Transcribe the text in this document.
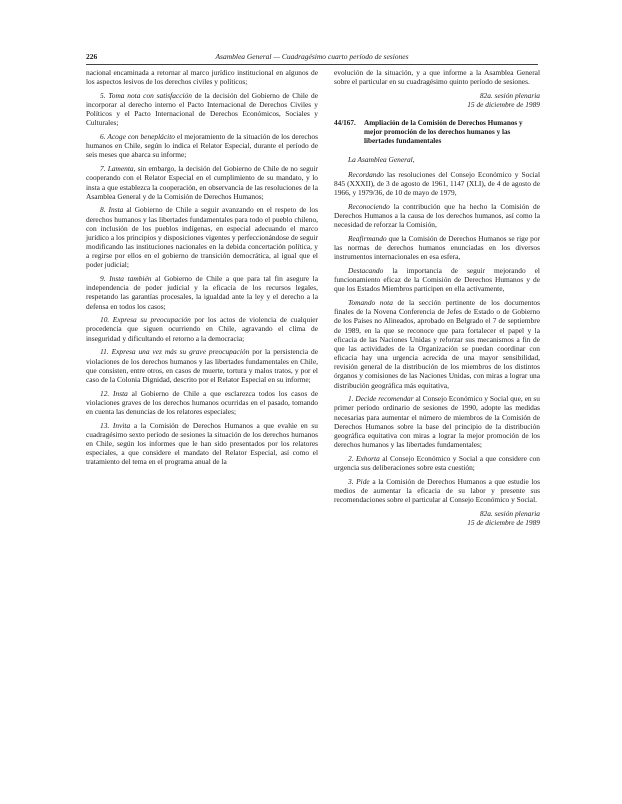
226	Asamblea General — Cuadragésimo cuarto período de sesiones

nacional encaminada a retornar al marco jurídico institucional en algunos de los aspectos lesivos de los derechos civiles y políticos;

5. Toma nota con satisfacción de la decisión del Gobierno de Chile de incorporar al derecho interno el Pacto Internacional de Derechos Civiles y Políticos y el Pacto Internacional de Derechos Económicos, Sociales y Culturales;

6. Acoge con beneplácito el mejoramiento de la situación de los derechos humanos en Chile, según lo indica el Relator Especial, durante el período de seis meses que abarca su informe;

7. Lamenta, sin embargo, la decisión del Gobierno de Chile de no seguir cooperando con el Relator Especial en el cumplimiento de su mandato, y lo insta a que establezca la cooperación, en observancia de las resoluciones de la Asamblea General y de la Comisión de Derechos Humanos;

8. Insta al Gobierno de Chile a seguir avanzando en el respeto de los derechos humanos y las libertades fundamentales para todo el pueblo chileno, con inclusión de los pueblos indígenas, en especial adecuando el marco jurídico a los principios y disposiciones vigentes y perfeccionándose de seguir modificando las instituciones nacionales en la debida concertación política, y a regirse por ellos en el gobierno de transición democrática, al igual que el poder judicial;

9. Insta también al Gobierno de Chile a que para tal fin asegure la independencia de poder judicial y la eficacia de los recursos legales, respetando las garantías procesales, la igualdad ante la ley y el derecho a la defensa en todos los casos;

10. Expresa su preocupación por los actos de violencia de cualquier procedencia que siguen ocurriendo en Chile, agravando el clima de inseguridad y dificultando el retorno a la democracia;

11. Expresa una vez más su grave preocupación por la persistencia de violaciones de los derechos humanos y las libertades fundamentales en Chile, que consisten, entre otros, en casos de muerte, tortura y malos tratos, y por el caso de la Colonia Dignidad, descrito por el Relator Especial en su informe;

12. Insta al Gobierno de Chile a que esclarezca todos los casos de violaciones graves de los derechos humanos ocurridas en el pasado, tomando en cuenta las denuncias de los relatores especiales;

13. Invita a la Comisión de Derechos Humanos a que evalúe en su cuadragésimo sexto período de sesiones la situación de los derechos humanos en Chile, según los informes que le han sido presentados por los relatores especiales, a que considere el mandato del Relator Especial, así como el tratamiento del tema en el programa anual de la

evolución de la situación, y a que informe a la Asamblea General sobre el particular en su cuadragésimo quinto período de sesiones.

82a. sesión plenaria
15 de diciembre de 1989
44/167.	Ampliación de la Comisión de Derechos Humanos y mejor promoción de los derechos humanos y las libertades fundamentales

La Asamblea General,

Recordando las resoluciones del Consejo Económico y Social 845 (XXXII), de 3 de agosto de 1961, 1147 (XLI), de 4 de agosto de 1966, y 1979/36, de 10 de mayo de 1979,

Reconociendo la contribución que ha hecho la Comisión de Derechos Humanos a la causa de los derechos humanos, así como la necesidad de reforzar la Comisión,

Reafirmando que la Comisión de Derechos Humanos se rige por las normas de derechos humanos enunciadas en los diversos instrumentos internacionales en esa esfera,

Destacando la importancia de seguir mejorando el funcionamiento eficaz de la Comisión de Derechos Humanos y de que los Estados Miembros participen en ella activamente,

Tomando nota de la sección pertinente de los documentos finales de la Novena Conferencia de Jefes de Estado o de Gobierno de los Países no Alineados, aprobado en Belgrado el 7 de septiembre de 1989, en la que se reconoce que para fortalecer el papel y la eficacia de las Naciones Unidas y reforzar sus mecanismos a fin de que las actividades de la Organización se puedan coordinar con eficacia hay una urgencia acrecida de una mayor sensibilidad, revisión general de la distribución de los miembros de los distintos órganos y comisiones de las Naciones Unidas, con miras a lograr una distribución geográfica más equitativa,

1. Decide recomendar al Consejo Económico y Social que, en su primer período ordinario de sesiones de 1990, adopte las medidas necesarias para aumentar el número de miembros de la Comisión de Derechos Humanos sobre la base del principio de la distribución geográfica equitativa con miras a lograr la mejor promoción de los derechos humanos y las libertades fundamentales;

2. Exhorta al Consejo Económico y Social a que considere con urgencia sus deliberaciones sobre esta cuestión;

3. Pide a la Comisión de Derechos Humanos a que estudie los medios de aumentar la eficacia de su labor y presente sus recomendaciones sobre el particular al Consejo Económico y Social.

82a. sesión plenaria
15 de diciembre de 1989
